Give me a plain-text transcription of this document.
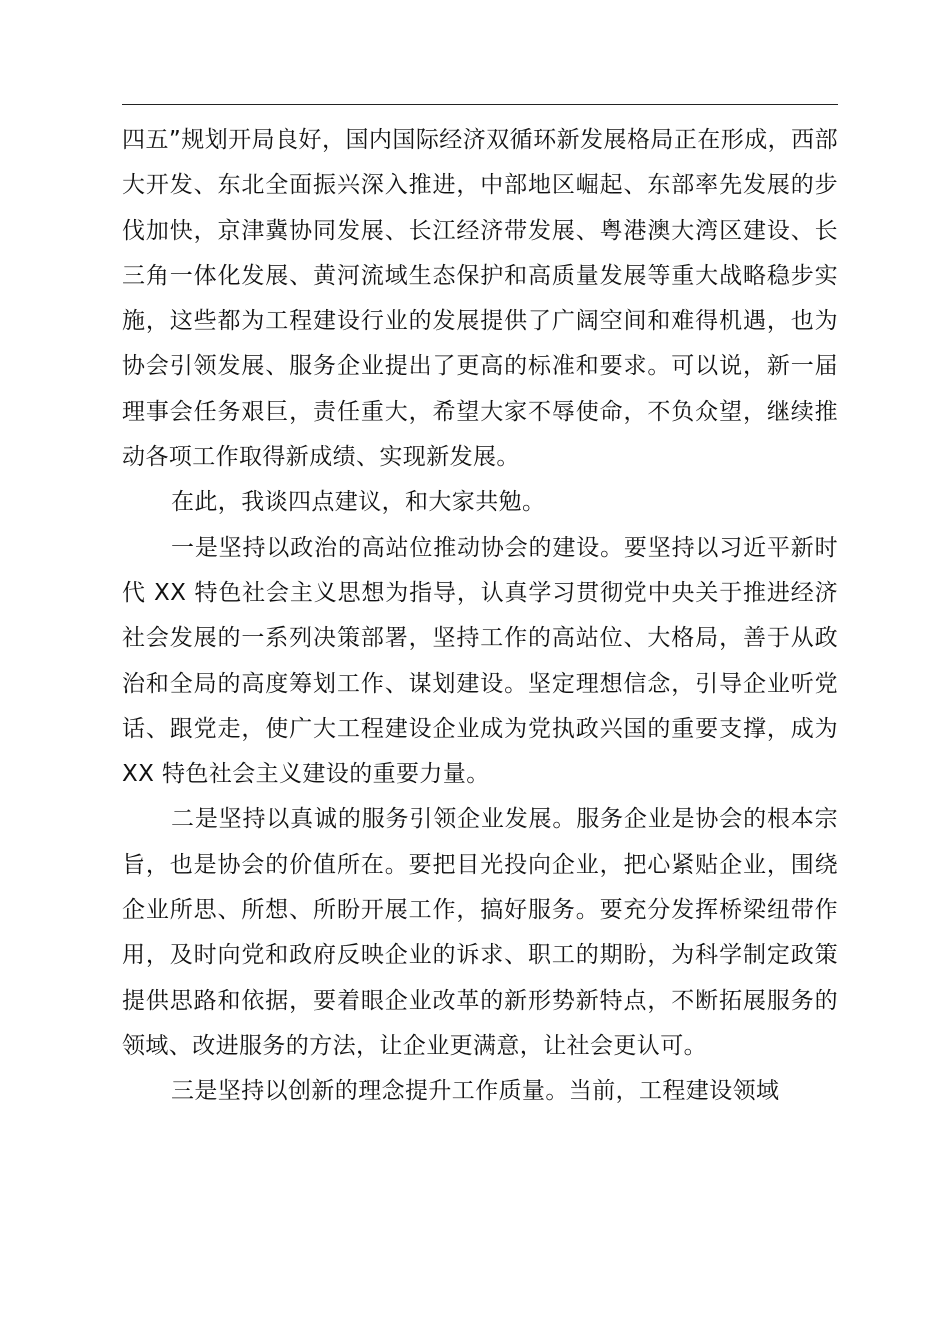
四五”规划开局良好，国内国际经济双循环新发展格局正在形成，西部大开发、东北全面振兴深入推进，中部地区崛起、东部率先发展的步伐加快，京津冀协同发展、长江经济带发展、粤港澳大湾区建设、长三角一体化发展、黄河流域生态保护和高质量发展等重大战略稳步实施，这些都为工程建设行业的发展提供了广阔空间和难得机遇，也为协会引领发展、服务企业提出了更高的标准和要求。可以说，新一届理事会任务艰巨，责任重大，希望大家不辱使命，不负众望，继续推动各项工作取得新成绩、实现新发展。

在此，我谈四点建议，和大家共勉。

一是坚持以政治的高站位推动协会的建设。要坚持以习近平新时代 XX 特色社会主义思想为指导，认真学习贯彻党中央关于推进经济社会发展的一系列决策部署，坚持工作的高站位、大格局，善于从政治和全局的高度筹划工作、谋划建设。坚定理想信念，引导企业听党话、跟党走，使广大工程建设企业成为党执政兴国的重要支撑，成为 XX 特色社会主义建设的重要力量。

二是坚持以真诚的服务引领企业发展。服务企业是协会的根本宗旨，也是协会的价值所在。要把目光投向企业，把心紧贴企业，围绕企业所思、所想、所盼开展工作，搞好服务。要充分发挥桥梁纽带作用，及时向党和政府反映企业的诉求、职工的期盼，为科学制定政策提供思路和依据，要着眼企业改革的新形势新特点，不断拓展服务的领域、改进服务的方法，让企业更满意，让社会更认可。

三是坚持以创新的理念提升工作质量。当前，工程建设领域
